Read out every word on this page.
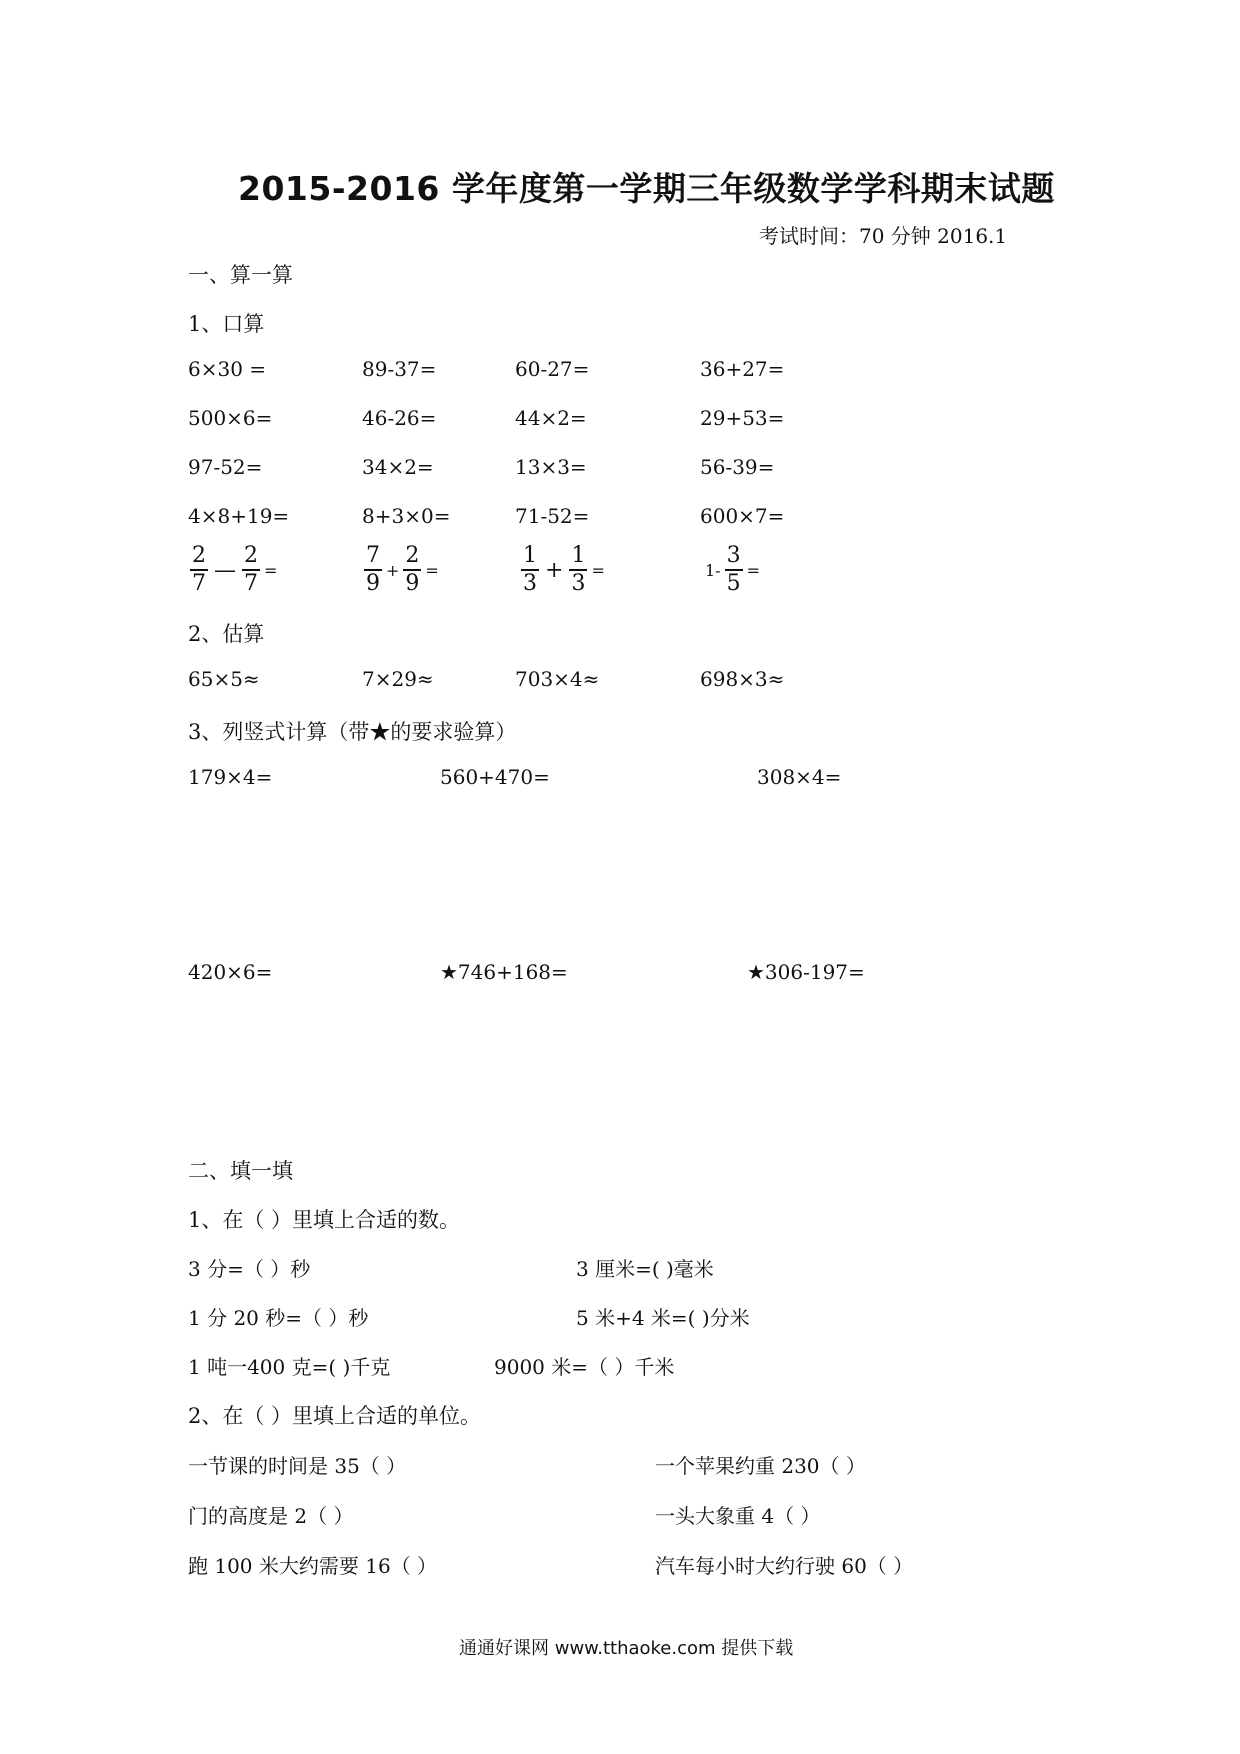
2015-2016 学年度第一学期三年级数学学科期末试题
考试时间：70 分钟 2016.1
一、算一算
1、口算
6×30 =	89-37=	60-27=	36+27=
500×6=	46-26=	44×2=	29+53=
97-52=	34×2=	13×3=	56-39=
4×8+19=	8+3×0=	71-52=	600×7=
$\frac{2}{7}$ — $\frac{2}{7}$ =	$\frac{7}{9} + \frac{2}{9}$ =	$\frac{1}{3} + \frac{1}{3}$ =	$1- \frac{3}{5}$ =
2、估算
65×5≈	7×29≈	703×4≈	698×3≈
3、列竖式计算（带★的要求验算）
179×4=	560+470=	308×4=
420×6=	★746+168=	★306-197=
二、填一填
1、在（ ）里填上合适的数。
3 分=（ ）秒	3 厘米=( )毫米
1 分 20 秒=（ ）秒	5 米+4 米=( )分米
1 吨一400 克=( )千克	9000 米=（ ）千米
2、在（ ）里填上合适的单位。
一节课的时间是 35（ ）	一个苹果约重 230（ ）
门的高度是 2（ ）	一头大象重 4（ ）
跑 100 米大约需要 16（ ）	汽车每小时大约行驶 60（ ）
通通好课网 www.tthaoke.com 提供下载
